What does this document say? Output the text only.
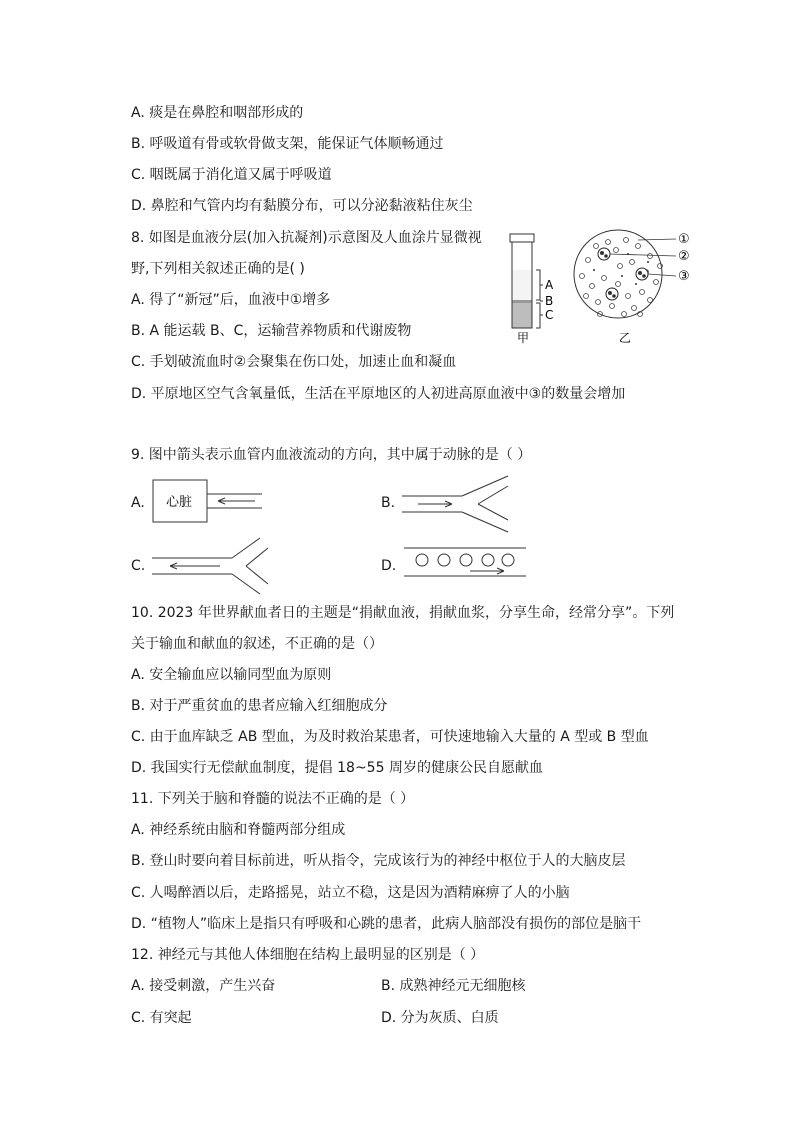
A. 痰是在鼻腔和咽部形成的
B. 呼吸道有骨或软骨做支架，能保证气体顺畅通过
C. 咽既属于消化道又属于呼吸道
D. 鼻腔和气管内均有黏膜分布，可以分泌黏液粘住灰尘
8. 如图是血液分层(加入抗凝剂)示意图及人血涂片显微视
野,下列相关叙述正确的是( )
A. 得了“新冠”后，血液中①增多
B. A 能运载 B、C，运输营养物质和代谢废物
C. 手划破流血时②会聚集在伤口处，加速止血和凝血
D. 平原地区空气含氧量低，生活在平原地区的人初进高原血液中③的数量会增加
A
B
C
甲
①
②
③
乙
9. 图中箭头表示血管内血液流动的方向，其中属于动脉的是（ ）
A. 心脏	B.
C.	D.
10. 2023 年世界献血者日的主题是“捐献血液，捐献血浆，分享生命，经常分享”。下列
关于输血和献血的叙述，不正确的是（）
A. 安全输血应以输同型血为原则
B. 对于严重贫血的患者应输入红细胞成分
C. 由于血库缺乏 AB 型血，为及时救治某患者，可快速地输入大量的 A 型或 B 型血
D. 我国实行无偿献血制度，提倡 18~55 周岁的健康公民自愿献血
11. 下列关于脑和脊髓的说法不正确的是（ ）
A. 神经系统由脑和脊髓两部分组成
B. 登山时要向着目标前进，听从指令，完成该行为的神经中枢位于人的大脑皮层
C. 人喝醉酒以后，走路摇晃，站立不稳，这是因为酒精麻痹了人的小脑
D. “植物人”临床上是指只有呼吸和心跳的患者，此病人脑部没有损伤的部位是脑干
12. 神经元与其他人体细胞在结构上最明显的区别是（ ）
A. 接受刺激，产生兴奋	B. 成熟神经元无细胞核
C. 有突起	D. 分为灰质、白质
